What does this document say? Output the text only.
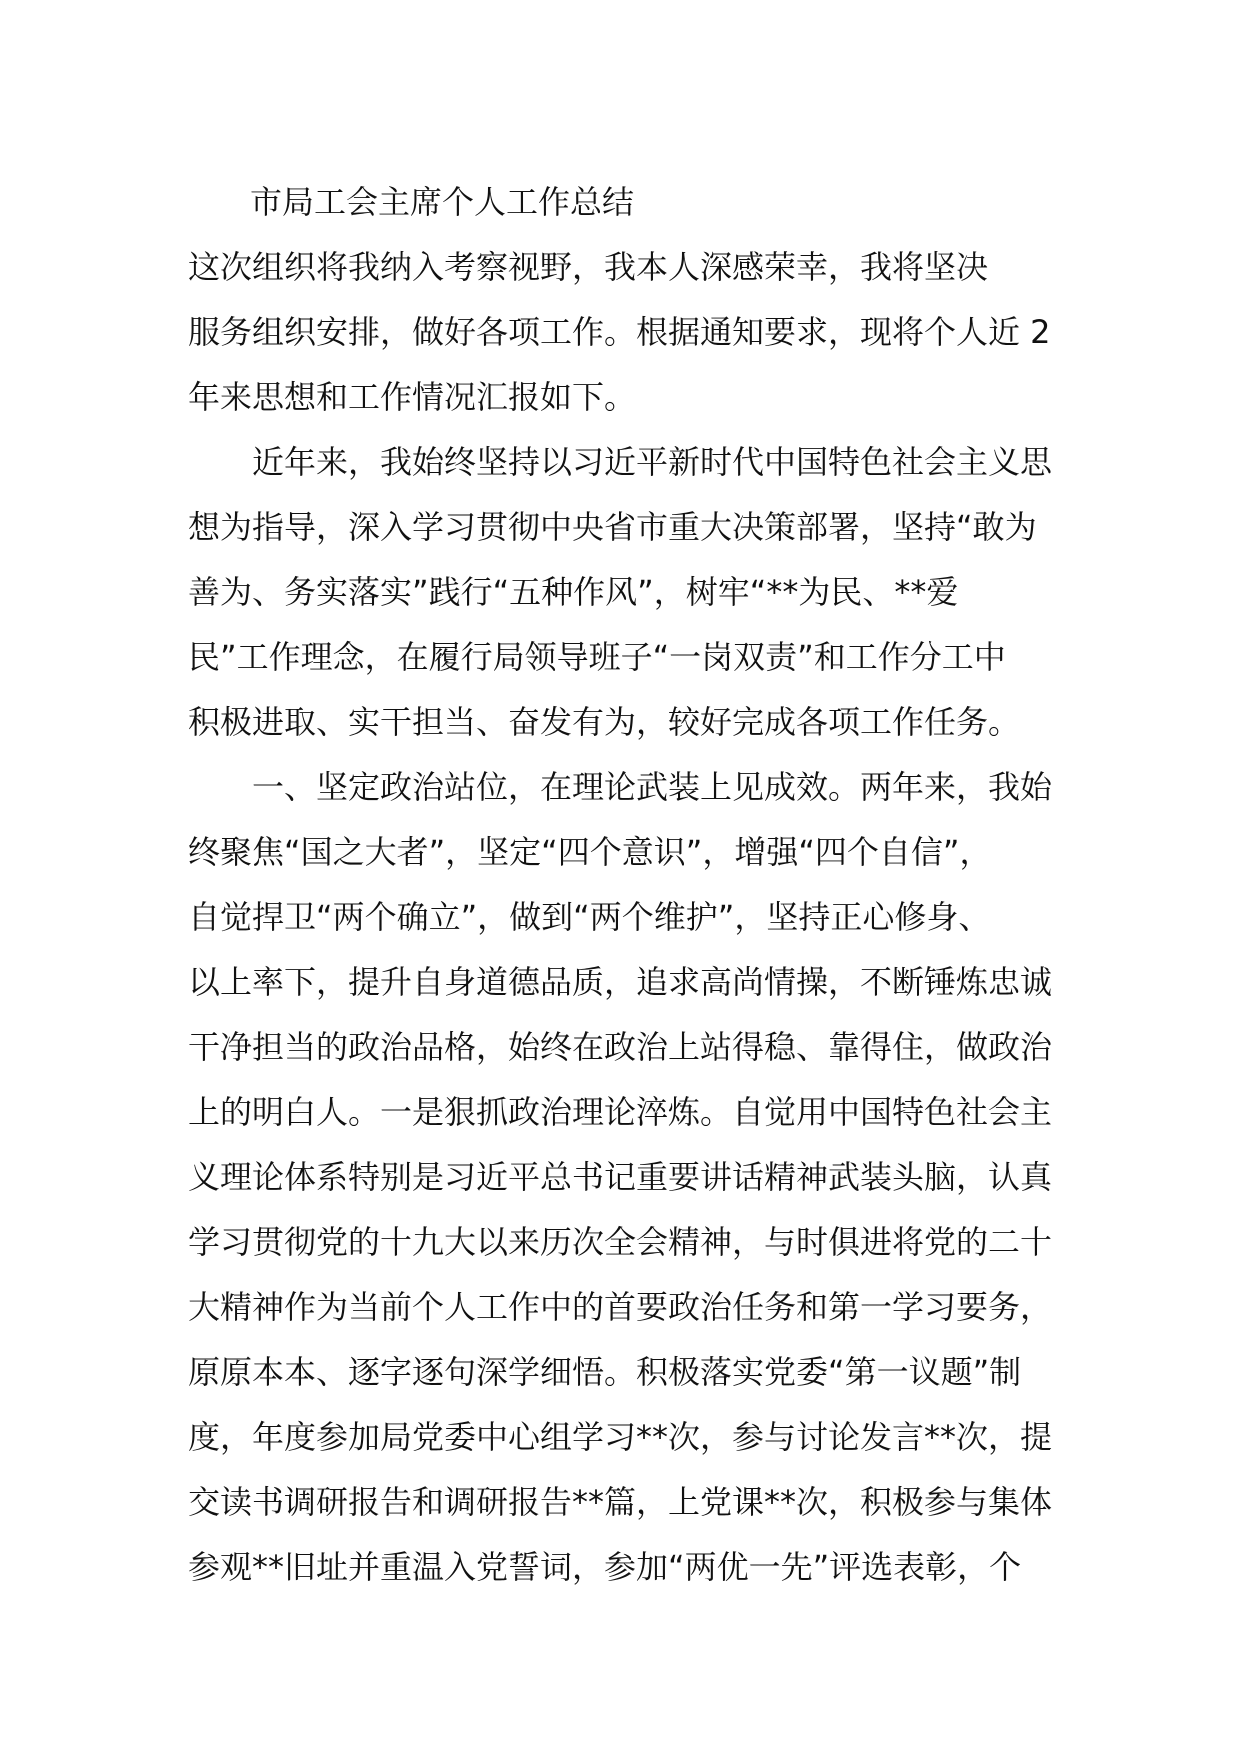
市局工会主席个人工作总结
这次组织将我纳入考察视野，我本人深感荣幸，我将坚决
服务组织安排，做好各项工作。根据通知要求，现将个人近 2
年来思想和工作情况汇报如下。
　　近年来，我始终坚持以习近平新时代中国特色社会主义思
想为指导，深入学习贯彻中央省市重大决策部署，坚持“敢为
善为、务实落实”践行“五种作风”，树牢“**为民、**爱
民”工作理念，在履行局领导班子“一岗双责”和工作分工中
积极进取、实干担当、奋发有为，较好完成各项工作任务。
　　一、坚定政治站位，在理论武装上见成效。两年来，我始
终聚焦“国之大者”，坚定“四个意识”，增强“四个自信”，
自觉捍卫“两个确立”，做到“两个维护”，坚持正心修身、
以上率下，提升自身道德品质，追求高尚情操，不断锤炼忠诚
干净担当的政治品格，始终在政治上站得稳、靠得住，做政治
上的明白人。一是狠抓政治理论淬炼。自觉用中国特色社会主
义理论体系特别是习近平总书记重要讲话精神武装头脑，认真
学习贯彻党的十九大以来历次全会精神，与时俱进将党的二十
大精神作为当前个人工作中的首要政治任务和第一学习要务，
原原本本、逐字逐句深学细悟。积极落实党委“第一议题”制
度，年度参加局党委中心组学习**次，参与讨论发言**次，提
交读书调研报告和调研报告**篇，上党课**次，积极参与集体
参观**旧址并重温入党誓词，参加“两优一先”评选表彰，个
